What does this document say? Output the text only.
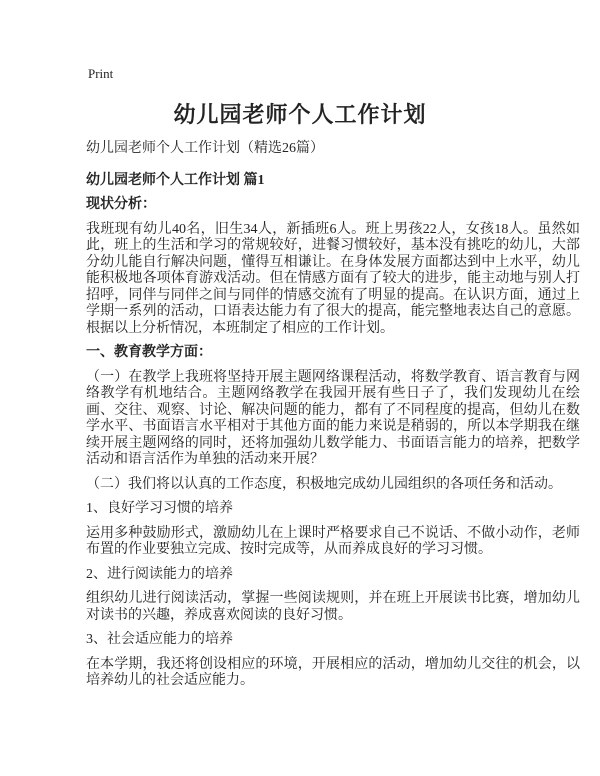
Print
幼儿园老师个人工作计划
幼儿园老师个人工作计划（精选26篇）
幼儿园老师个人工作计划 篇1
现状分析：

我班现有幼儿40名，旧生34人，新插班6人。班上男孩22人，女孩18人。虽然如此，班上的生活和学习的常规较好，进餐习惯较好，基本没有挑吃的幼儿，大部分幼儿能自行解决问题，懂得互相谦让。在身体发展方面都达到中上水平，幼儿能积极地各项体育游戏活动。但在情感方面有了较大的进步，能主动地与别人打招呼，同伴与同伴之间与同伴的情感交流有了明显的提高。在认识方面，通过上学期一系列的活动，口语表达能力有了很大的提高，能完整地表达自己的意愿。根据以上分析情况，本班制定了相应的工作计划。

一、教育教学方面：

（一）在教学上我班将坚持开展主题网络课程活动，将数学教育、语言教育与网络教学有机地结合。主题网络教学在我园开展有些日子了，我们发现幼儿在绘画、交往、观察、讨论、解决问题的能力，都有了不同程度的提高，但幼儿在数学水平、书面语言水平相对于其他方面的能力来说是稍弱的，所以本学期我在继续开展主题网络的同时，还将加强幼儿数学能力、书面语言能力的培养，把数学活动和语言活作为单独的活动来开展？

（二）我们将以认真的工作态度，积极地完成幼儿园组织的各项任务和活动。

1、良好学习习惯的培养

运用多种鼓励形式，激励幼儿在上课时严格要求自己不说话、不做小动作，老师布置的作业要独立完成、按时完成等，从而养成良好的学习习惯。

2、进行阅读能力的培养

组织幼儿进行阅读活动，掌握一些阅读规则，并在班上开展读书比赛，增加幼儿对读书的兴趣，养成喜欢阅读的良好习惯。

3、社会适应能力的培养

在本学期，我还将创设相应的环境，开展相应的活动，增加幼儿交往的机会，以培养幼儿的社会适应能力。
